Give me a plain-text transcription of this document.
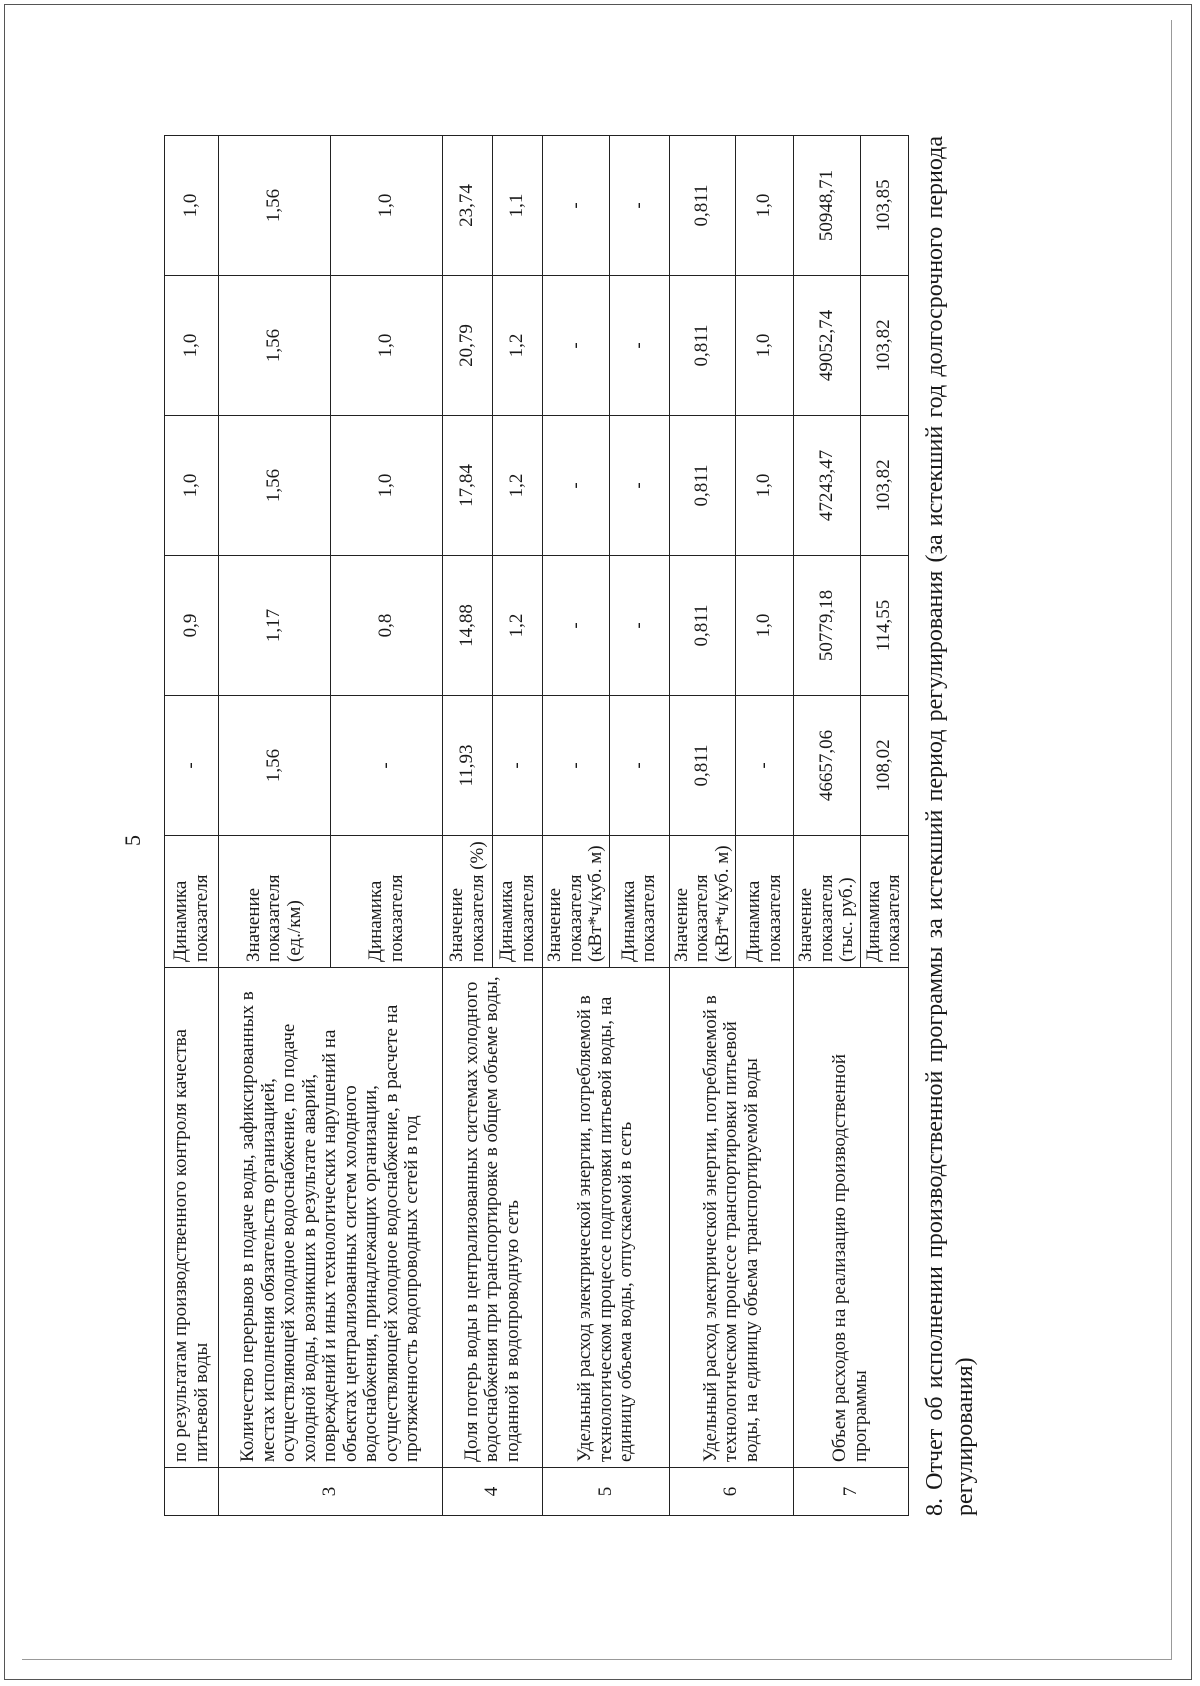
5
	по результатам производственного контроля качества питьевой воды	Динамика показателя	-	0,9	1,0	1,0	1,0
3	Количество перерывов в подаче воды, зафиксированных в местах исполнения обязательств организацией, осуществляющей холодное водоснабжение, по подаче холодной воды, возникших в результате аварий, повреждений и иных технологических нарушений на объектах централизованных систем холодного водоснабжения, принадлежащих организации, осуществляющей холодное водоснабжение, в расчете на протяженность водопроводных сетей в год	Значение показателя (ед./км)	1,56	1,17	1,56	1,56	1,56
		Динамика показателя	-	0,8	1,0	1,0	1,0
4	Доля потерь воды в централизованных системах холодного водоснабжения при транспортировке в общем объеме воды, поданной в водопроводную сеть	Значение показателя (%)	11,93	14,88	17,84	20,79	23,74
		Динамика показателя	-	1,2	1,2	1,2	1,1
5	Удельный расход электрической энергии, потребляемой в технологическом процессе подготовки питьевой воды, на единицу объема воды, отпускаемой в сеть	Значение показателя (кВт*ч/куб. м)	-	-	-	-	-
		Динамика показателя	-	-	-	-	-
6	Удельный расход электрической энергии, потребляемой в технологическом процессе транспортировки питьевой воды, на единицу объема транспортируемой воды	Значение показателя (кВт*ч/куб. м)	0,811	0,811	0,811	0,811	0,811
		Динамика показателя	-	1,0	1,0	1,0	1,0
7	Объем расходов на реализацию производственной программы	Значение показателя (тыс. руб.)	46657,06	50779,18	47243,47	49052,74	50948,71
		Динамика показателя	108,02	114,55	103,82	103,82	103,85 8. Отчет об исполнении производственной программы за истекший период регулирования (за истекший год долгосрочного периода регулирования)
